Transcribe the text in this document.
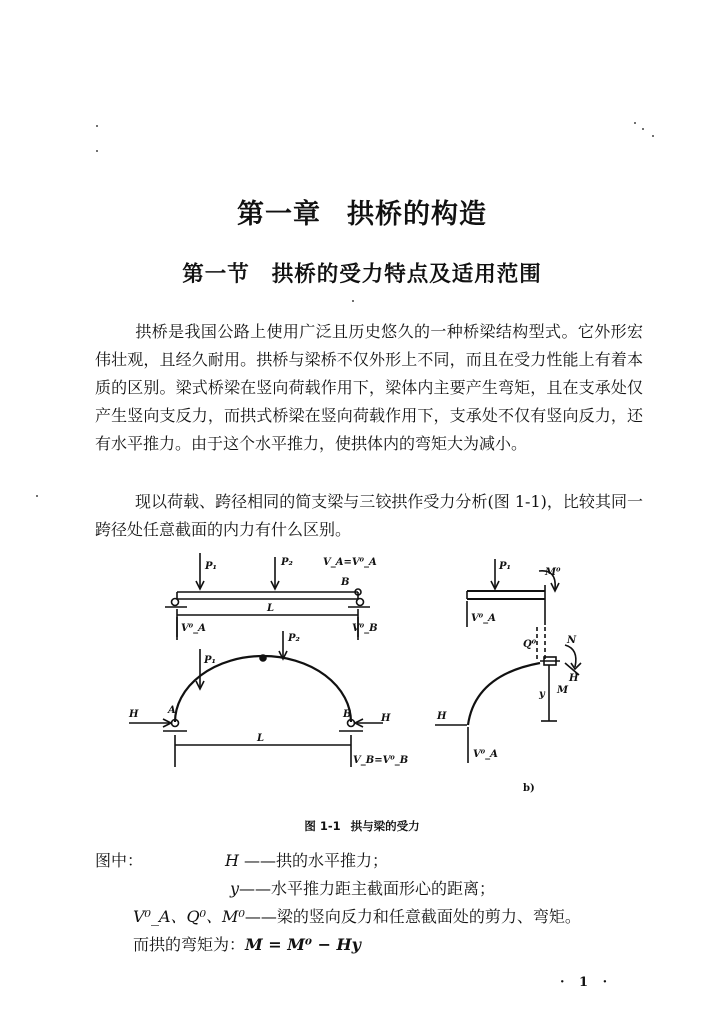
第一章 拱桥的构造
第一节 拱桥的受力特点及适用范围
拱桥是我国公路上使用广泛且历史悠久的一种桥梁结构型式。它外形宏伟壮观，且经久耐用。拱桥与梁桥不仅外形上不同，而且在受力性能上有着本质的区别。梁式桥梁在竖向荷载作用下，梁体内主要产生弯矩，且在支承处仅产生竖向支反力，而拱式桥梁在竖向荷载作用下，支承处不仅有竖向反力，还有水平推力。由于这个水平推力，使拱体内的弯矩大为减小。
现以荷载、跨径相同的简支梁与三铰拱作受力分析(图 1-1)，比较其同一跨径处任意截面的内力有什么区别。
P₁	P₂	V_A=V⁰_A
B
L
V⁰_A	V⁰_B
P₁
P₂
H	A	B	H
L
V_B=V⁰_B
P₁
M⁰
V⁰_A
Q⁰	N
H
M
y
H
V⁰_A
b)
图 1-1 拱与梁的受力
图中：	H ——拱的水平推力；
y——水平推力距主截面形心的距离；
V⁰_A、Q⁰、M⁰——梁的竖向反力和任意截面处的剪力、弯矩。
而拱的弯矩为：M = M⁰ − Hy
· 1 ·
